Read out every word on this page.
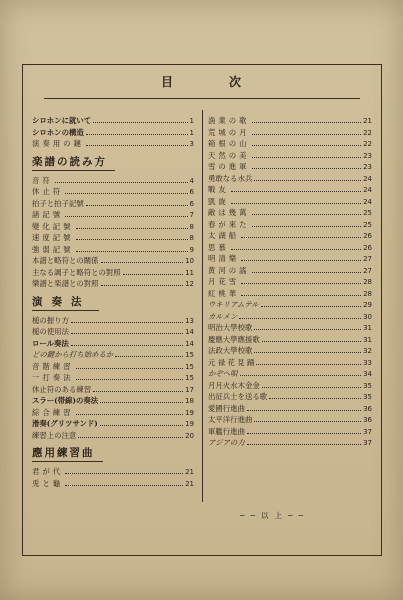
目次
シロホンに就いて	1
シロホンの構造	1
演奏用の鏈	3
楽譜の読み方
音符	4
休止符	6
拍子と拍子記號	6
諸記號	7
變化記號	8
速度記號	8
強弱記號	9
本譜と略符との關係	10
主なる調子と略符との對照	11
樂譜と楽譜との對照	12
演奏法
槌の握り方	13
槌の使用法	14
ロール奏法	14
どの鍵から打ち始めるか	15
音階練習	15
一打奏法	15
休止符のある練習	17
スラー(帯線)の奏法	18
綜合練習	19
滑奏(グリツサンド)	19
練習上の注意	20
應用練習曲
君が代	21
兎と龜	21
漁業の歌	21
荒城の月	22
箱根の山	22
天然の美	23
雪の進軍	23
勇敢なる水兵	24
戰友	24
凱旋	24
敵は幾萬	25
春が來た	25
太湖船	26
思慕	26
明清樂	27
黄河の謠	27
月花雪	28
紅桃華	28
ウキリアムテル	29
カルメン	30
明治大學校歌	31
慶應大學應援歌	31
法政大學校歌	32
元 禄 花 見 踊	33
かぞへ唄	34
月月火水木金金	35
出征兵士を送る歌	35
愛國行進曲	36
太平洋行進曲	36
軍艦行進曲	37
アジアの力	37
──以上──
